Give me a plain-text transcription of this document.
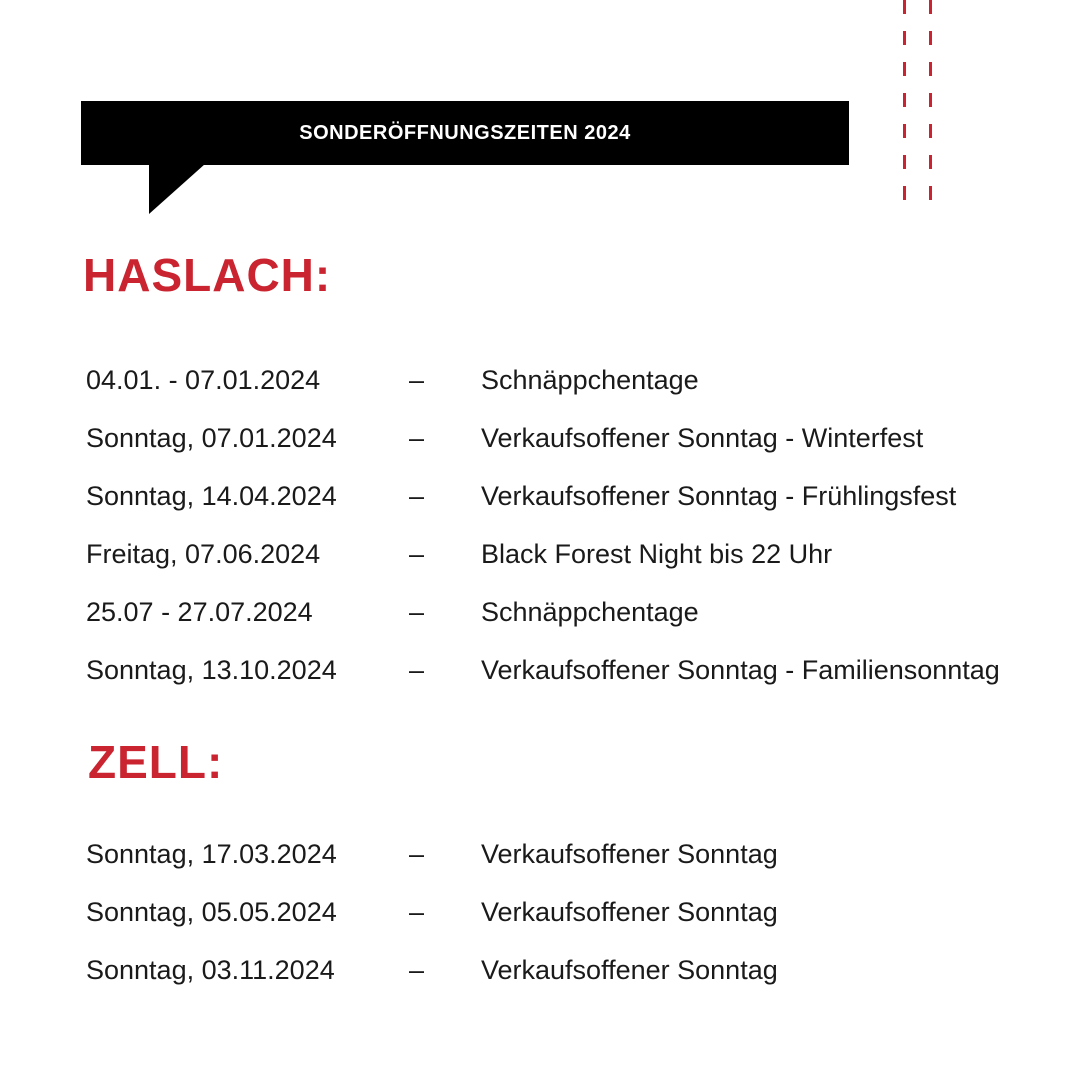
SONDERÖFFNUNGSZEITEN 2024
HASLACH:
04.01. - 07.01.2024	– Schnäppchentage
Sonntag, 07.01.2024	– Verkaufsoffener Sonntag - Winterfest
Sonntag, 14.04.2024	– Verkaufsoffener Sonntag - Frühlingsfest
Freitag, 07.06.2024	– Black Forest Night bis 22 Uhr
25.07 - 27.07.2024	– Schnäppchentage
Sonntag, 13.10.2024	– Verkaufsoffener Sonntag - Familiensonntag
ZELL:
Sonntag, 17.03.2024	– Verkaufsoffener Sonntag
Sonntag, 05.05.2024	– Verkaufsoffener Sonntag
Sonntag, 03.11.2024	– Verkaufsoffener Sonntag
